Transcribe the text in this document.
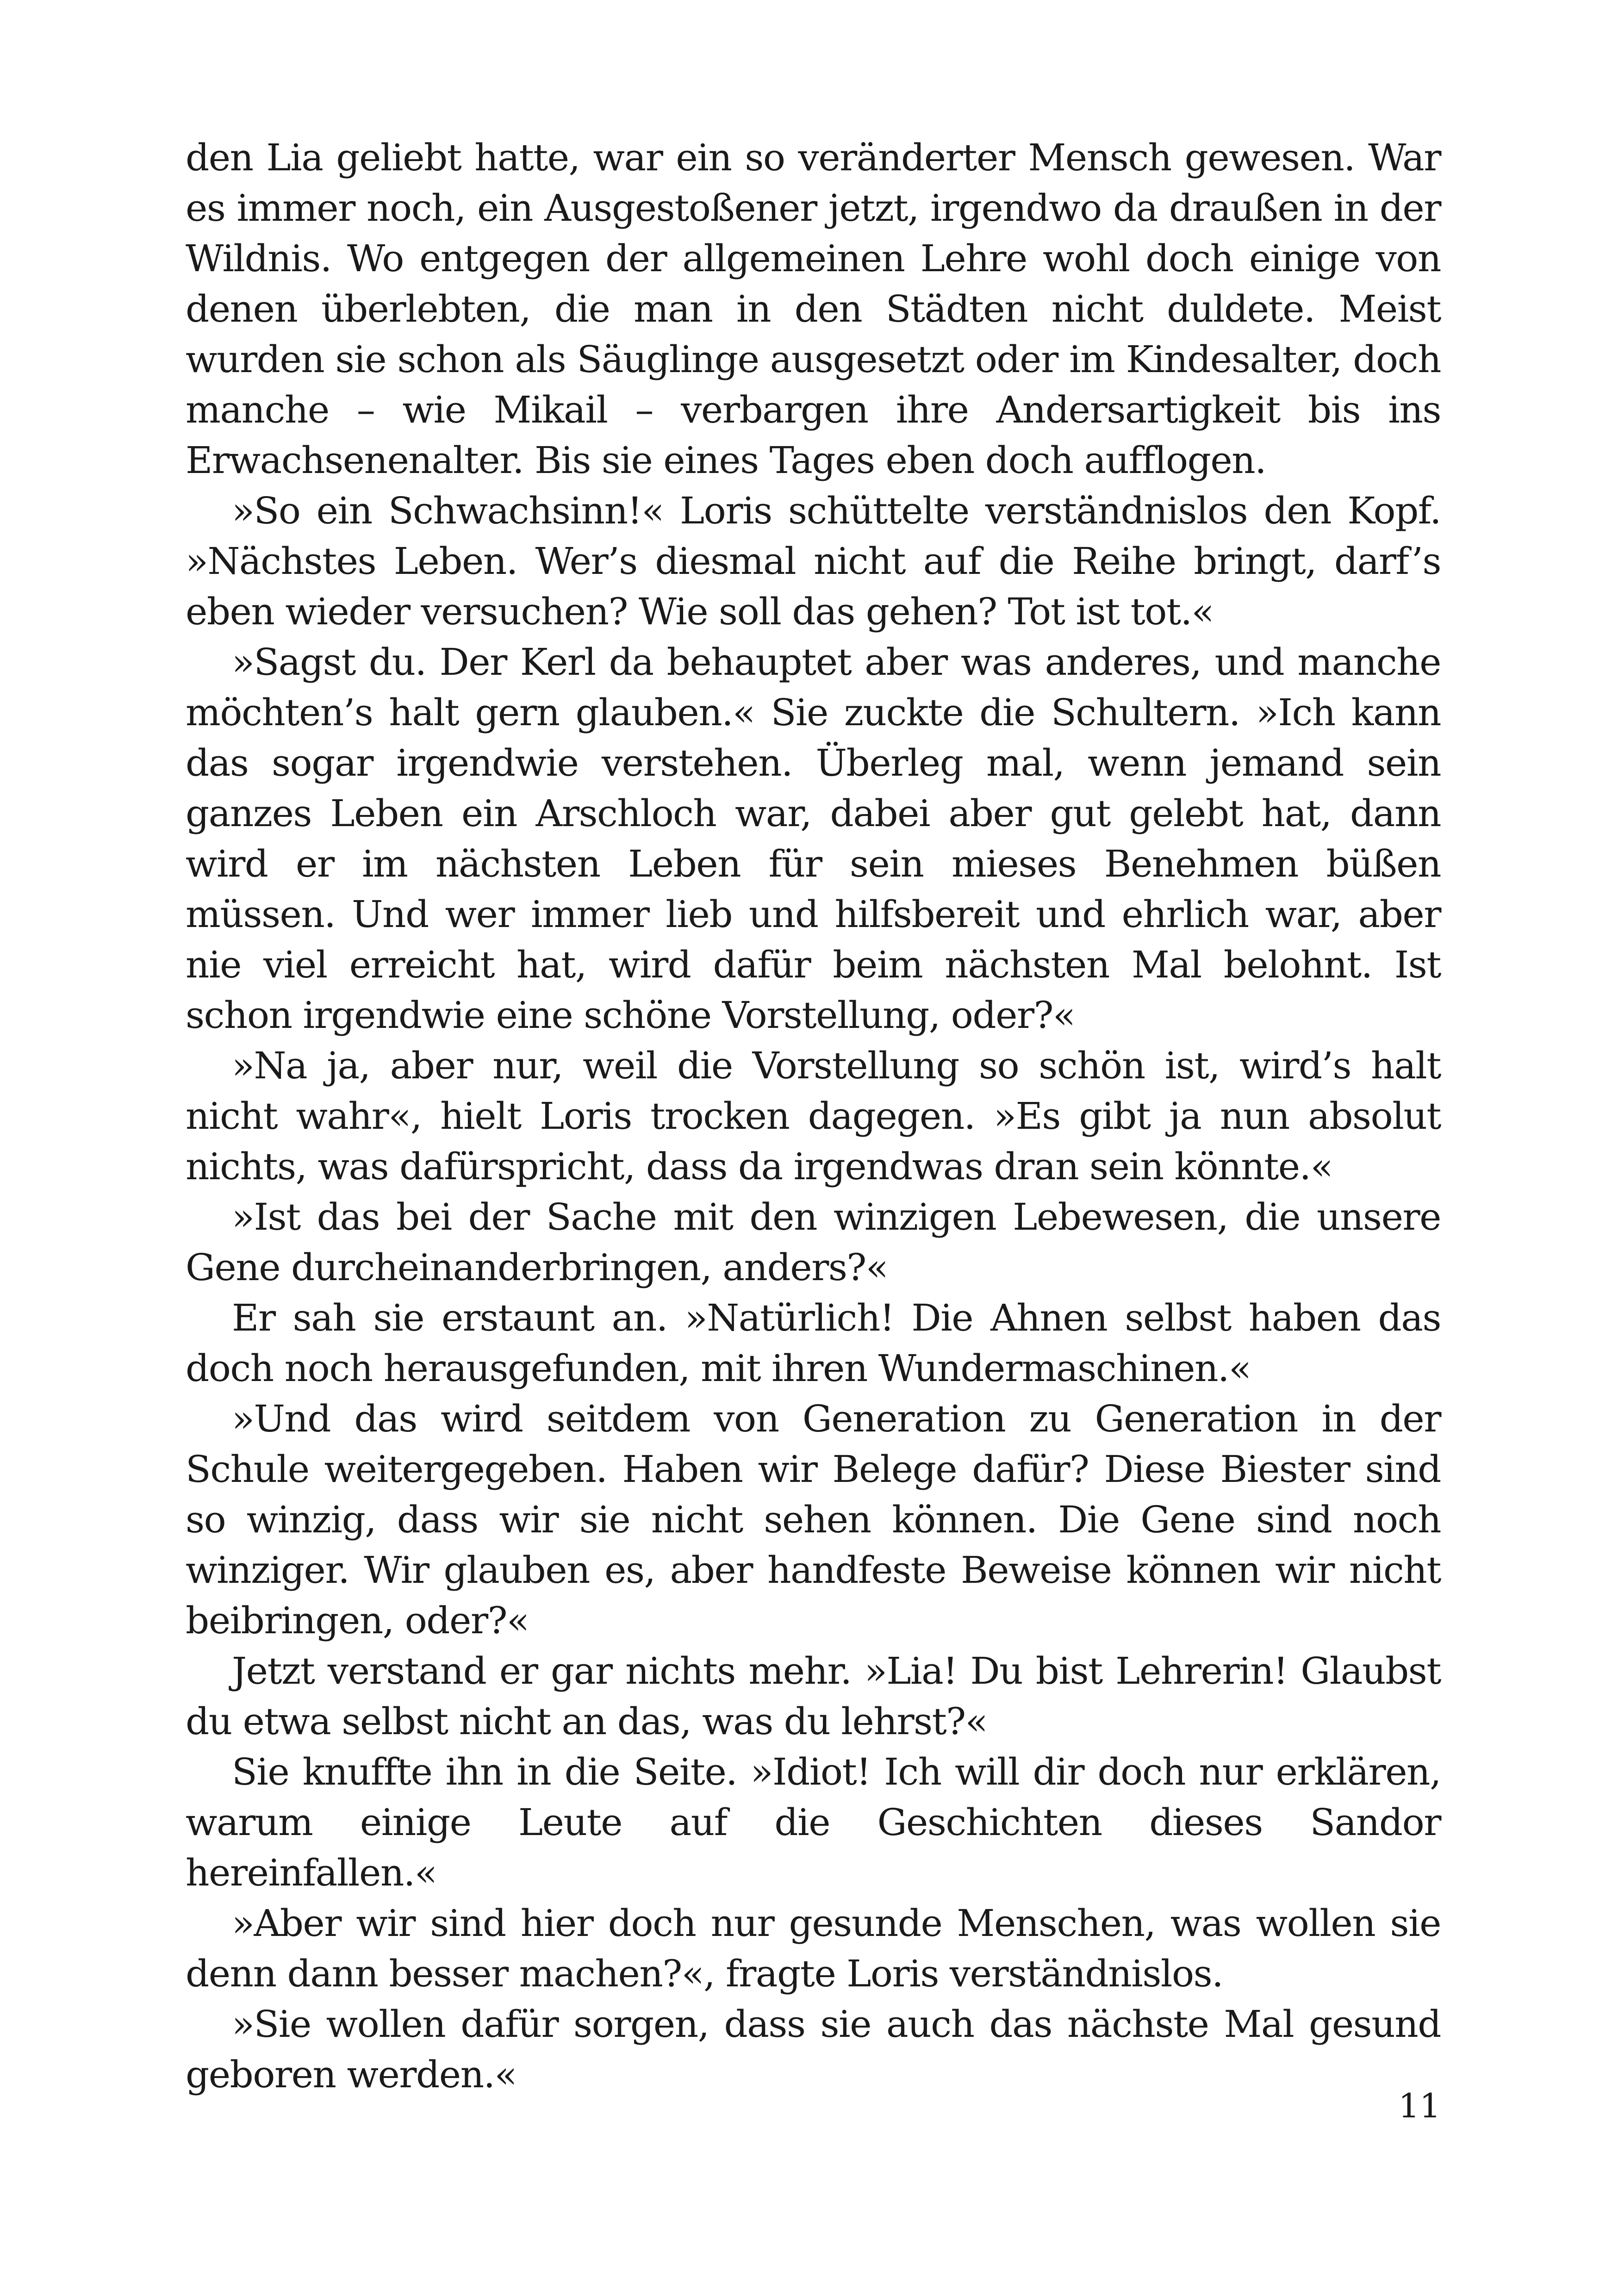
den Lia geliebt hatte, war ein so veränderter Mensch gewesen. War es immer noch, ein Ausgestoßener jetzt, irgendwo da draußen in der Wildnis. Wo entgegen der allgemeinen Lehre wohl doch einige von denen überlebten, die man in den Städten nicht duldete. Meist wurden sie schon als Säuglinge ausgesetzt oder im Kindesalter, doch manche – wie Mikail – verbargen ihre Andersartigkeit bis ins Erwachsenenalter. Bis sie eines Tages eben doch aufflogen.

»So ein Schwachsinn!« Loris schüttelte verständnislos den Kopf. »Nächstes Leben. Wer’s diesmal nicht auf die Reihe bringt, darf’s eben wieder versuchen? Wie soll das gehen? Tot ist tot.«

»Sagst du. Der Kerl da behauptet aber was anderes, und manche möchten’s halt gern glauben.« Sie zuckte die Schultern. »Ich kann das sogar irgendwie verstehen. Überleg mal, wenn jemand sein ganzes Leben ein Arschloch war, dabei aber gut gelebt hat, dann wird er im nächsten Leben für sein mieses Benehmen büßen müssen. Und wer immer lieb und hilfsbereit und ehrlich war, aber nie viel erreicht hat, wird dafür beim nächsten Mal belohnt. Ist schon irgendwie eine schöne Vorstellung, oder?«

»Na ja, aber nur, weil die Vorstellung so schön ist, wird’s halt nicht wahr«, hielt Loris trocken dagegen. »Es gibt ja nun absolut nichts, was dafürspricht, dass da irgendwas dran sein könnte.«

»Ist das bei der Sache mit den winzigen Lebewesen, die unsere Gene durcheinanderbringen, anders?«

Er sah sie erstaunt an. »Natürlich! Die Ahnen selbst haben das doch noch herausgefunden, mit ihren Wundermaschinen.«

»Und das wird seitdem von Generation zu Generation in der Schule weitergegeben. Haben wir Belege dafür? Diese Biester sind so winzig, dass wir sie nicht sehen können. Die Gene sind noch winziger. Wir glauben es, aber handfeste Beweise können wir nicht beibringen, oder?«

Jetzt verstand er gar nichts mehr. »Lia! Du bist Lehrerin! Glaubst du etwa selbst nicht an das, was du lehrst?«

Sie knuffte ihn in die Seite. »Idiot! Ich will dir doch nur erklären, warum einige Leute auf die Geschichten dieses Sandor hereinfallen.«

»Aber wir sind hier doch nur gesunde Menschen, was wollen sie denn dann besser machen?«, fragte Loris verständnislos.

»Sie wollen dafür sorgen, dass sie auch das nächste Mal gesund geboren werden.«

11
